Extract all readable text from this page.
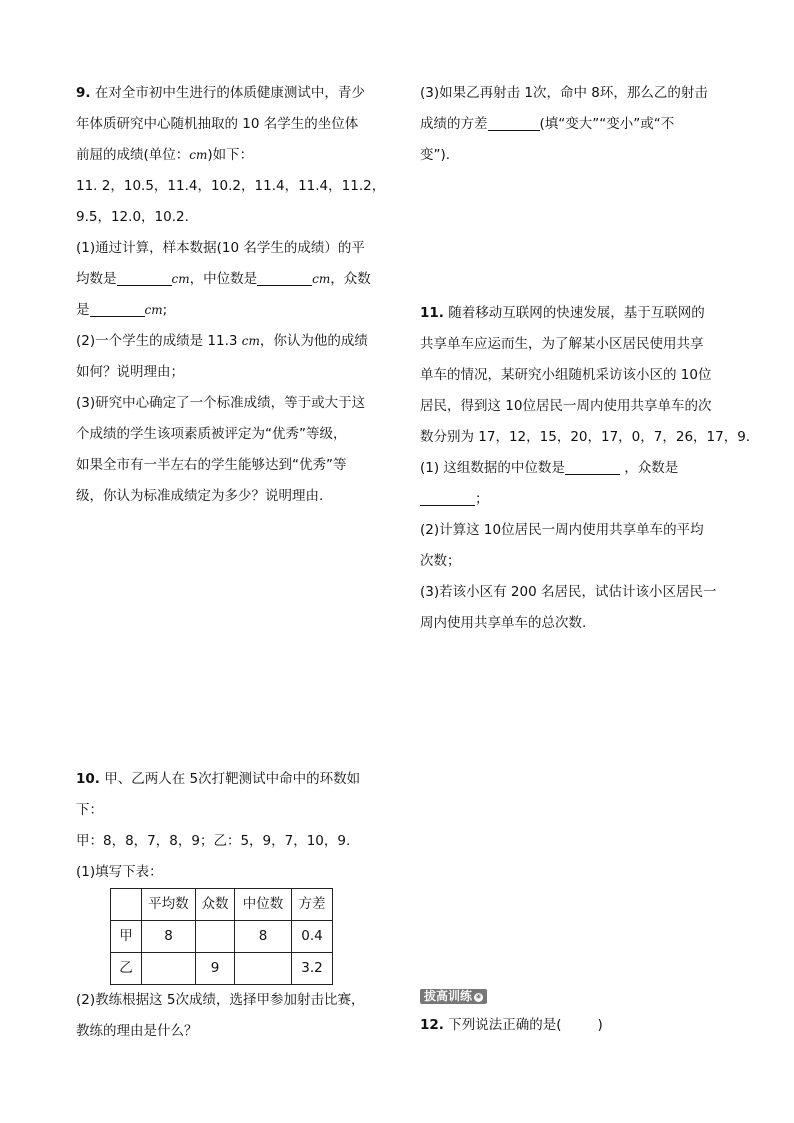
9. 在对全市初中生进行的体质健康测试中，青少
年体质研究中心随机抽取的 10 名学生的坐位体
前屈的成绩(单位：cm)如下：
11. 2，10.5，11.4，10.2，11.4，11.4，11.2，
9.5，12.0，10.2.
(1)通过计算，样本数据(10 名学生的成绩）的平
均数是	cm，中位数是	cm，众数
是	cm;
(2)一个学生的成绩是 11.3 cm，你认为他的成绩
如何？说明理由；
(3)研究中心确定了一个标准成绩，等于或大于这
个成绩的学生该项素质被评定为“优秀”等级，
如果全市有一半左右的学生能够达到“优秀”等
级，你认为标准成绩定为多少？说明理由.
10. 甲、乙两人在 5次打靶测试中命中的环数如
下：
甲：8，8，7，8，9；乙：5，9，7，10，9.
(1)填写下表：
	平均数	众数	中位数	方差
甲	8		8	0.4
乙		9		3.2
(2)教练根据这 5次成绩，选择甲参加射击比赛，
教练的理由是什么？
(3)如果乙再射击 1次，命中 8环，那么乙的射击
成绩的方差	(填“变大”“变小”或“不
变”).
11. 随着移动互联网的快速发展，基于互联网的
共享单车应运而生，为了解某小区居民使用共享
单车的情况，某研究小组随机采访该小区的 10位
居民，得到这 10位居民一周内使用共享单车的次
数分别为 17，12，15，20，17，0，7，26，17，9.
(1) 这组数据的中位数是	，众数是
；
(2)计算这 10位居民一周内使用共享单车的平均
次数；
(3)若该小区有 200 名居民，试估计该小区居民一
周内使用共享单车的总次数.
拔高训练 ④
12. 下列说法正确的是(	)
